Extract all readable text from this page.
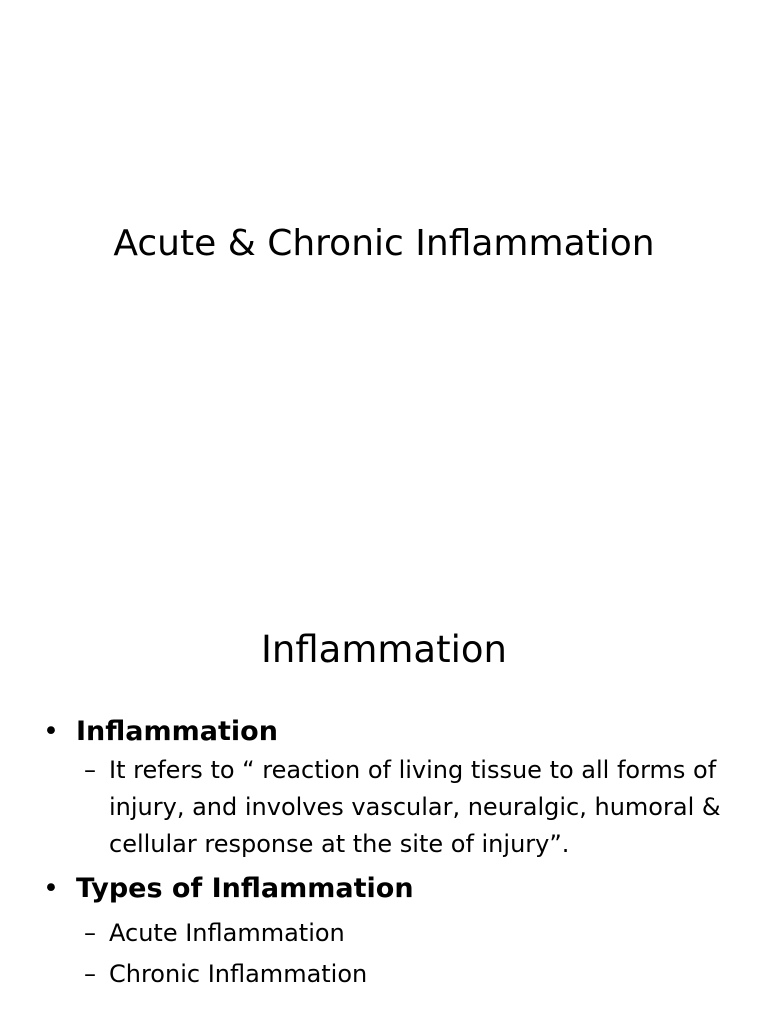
Acute & Chronic Inflammation
Inflammation
• Inflammation
– It refers to “ reaction of living tissue to all forms of injury, and involves vascular, neuralgic, humoral & cellular response at the site of injury”.
• Types of Inflammation
– Acute Inflammation
– Chronic Inflammation
